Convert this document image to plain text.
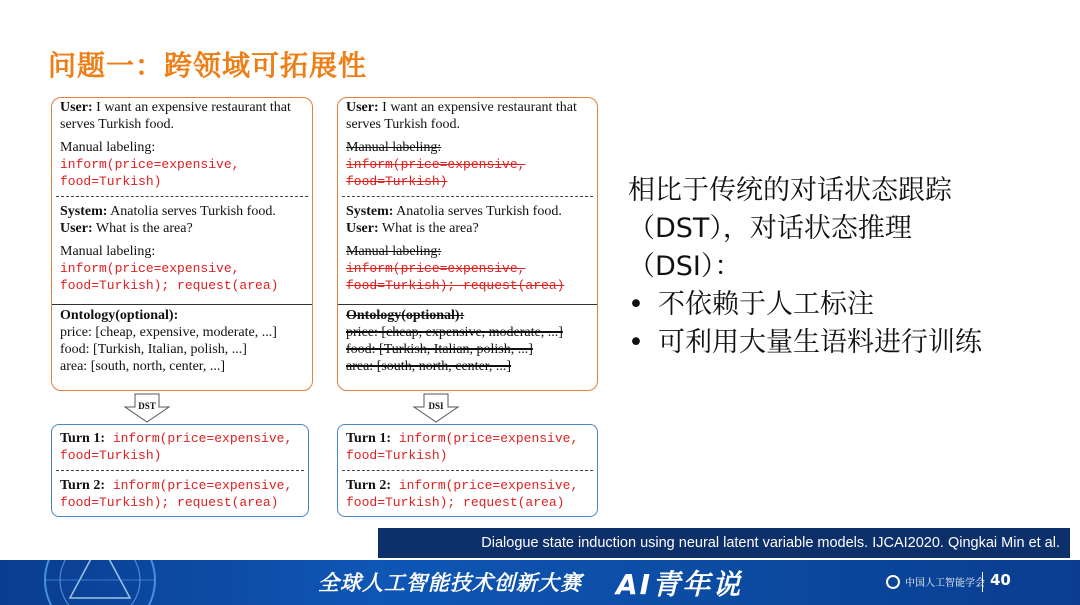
问题一：跨领域可拓展性
User: I want an expensive restaurant that serves Turkish food.
Manual labeling:
inform(price=expensive,
food=Turkish)
System: Anatolia serves Turkish food.
User: What is the area?
Manual labeling:
inform(price=expensive,
food=Turkish); request(area)
Ontology(optional):
price: [cheap, expensive, moderate, ...]
food: [Turkish, Italian, polish, ...]
area: [south, north, center, ...]
DST
Turn 1: inform(price=expensive,
food=Turkish)
Turn 2: inform(price=expensive,
food=Turkish); request(area)
User: I want an expensive restaurant that serves Turkish food.
Manual labeling:
inform(price=expensive,
food=Turkish)
System: Anatolia serves Turkish food.
User: What is the area?
Manual labeling:
inform(price=expensive,
food=Turkish); request(area)
Ontology(optional):
price: [cheap, expensive, moderate, ...]
food: [Turkish, Italian, polish, ...]
area: [south, north, center, ...]
DSI
Turn 1: inform(price=expensive,
food=Turkish)
Turn 2: inform(price=expensive,
food=Turkish); request(area)
相比于传统的对话状态跟踪
（DST），对话状态推理
（DSI）：
• 不依赖于人工标注
• 可利用大量生语料进行训练
Dialogue state induction using neural latent variable models. IJCAI2020. Qingkai Min et al.
全球人工智能技术创新大赛 AI青年说	中国人工智能学会 40
